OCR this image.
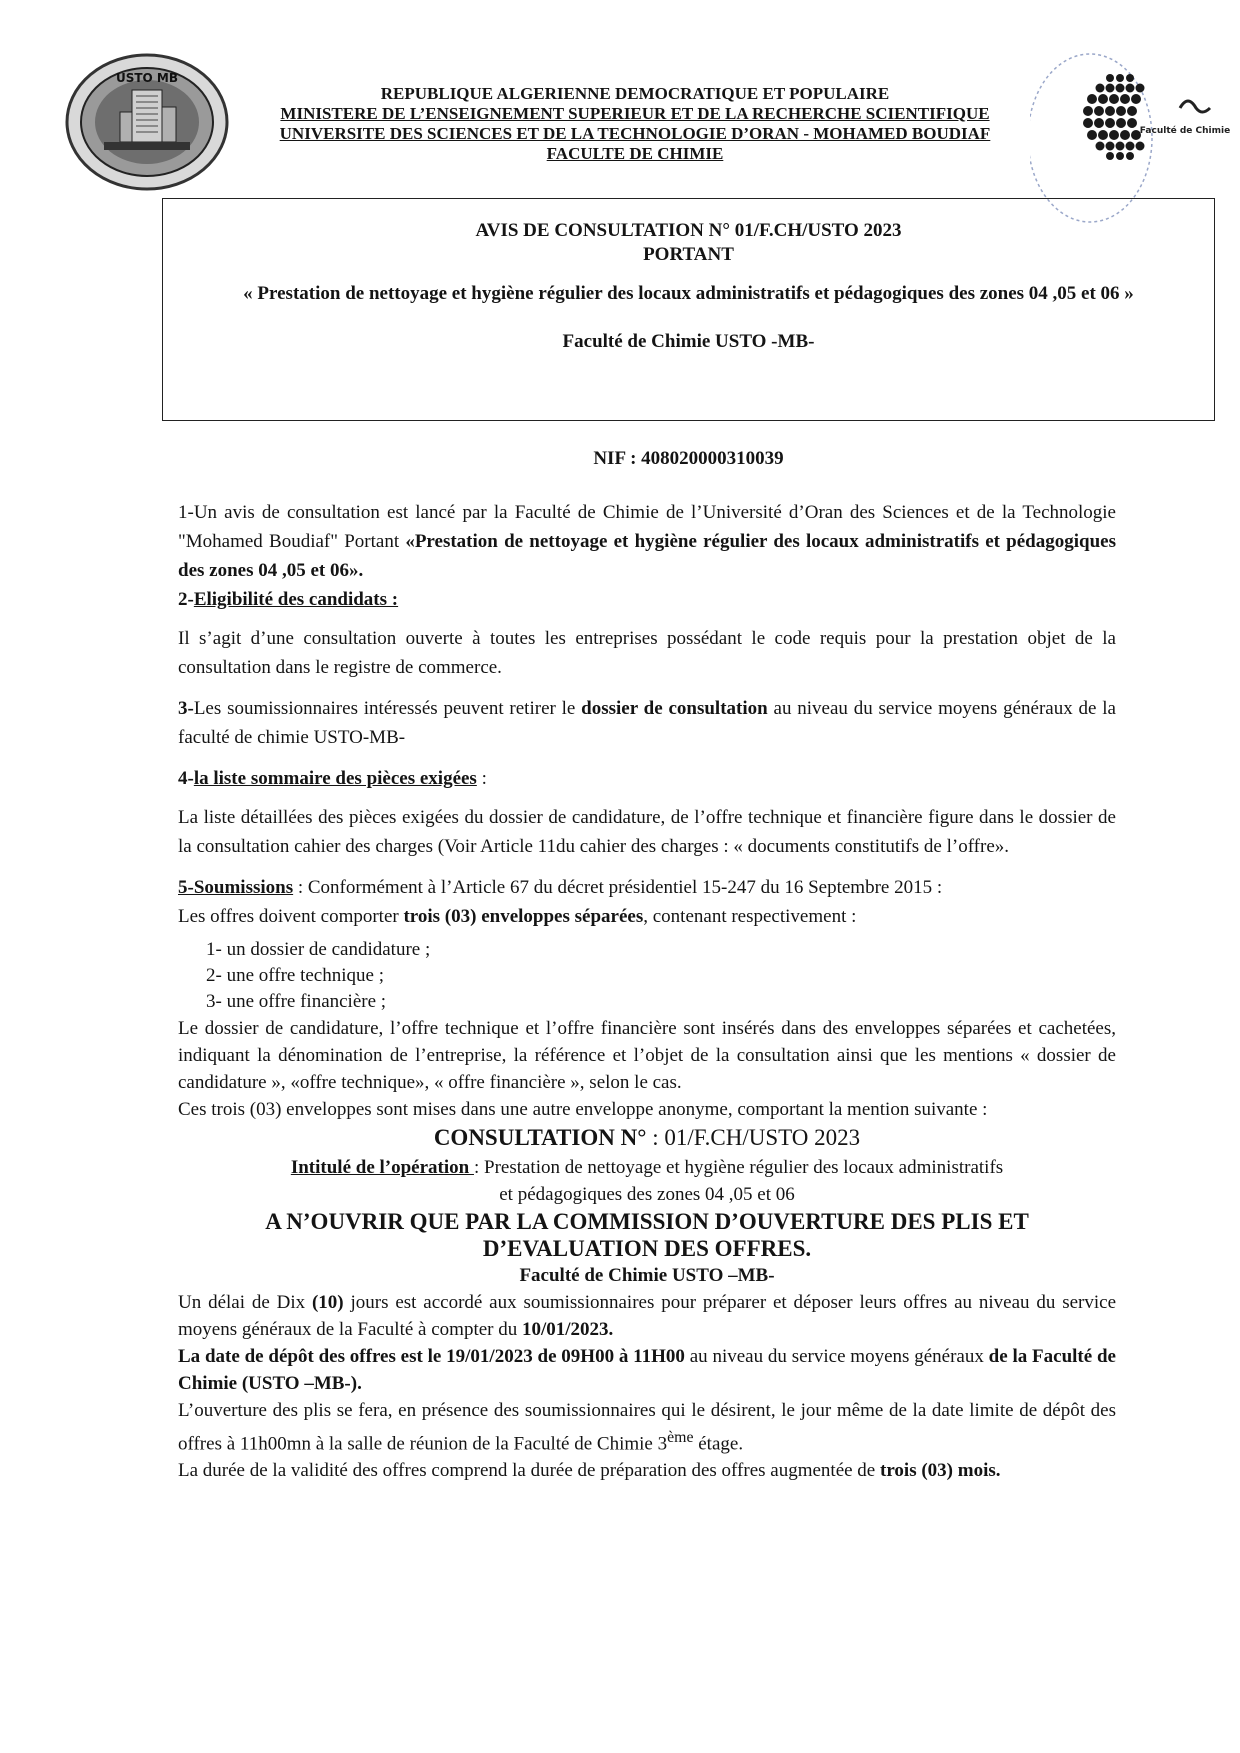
USTO MB
Faculté de Chimie
REPUBLIQUE ALGERIENNE DEMOCRATIQUE ET POPULAIRE
MINISTERE DE L’ENSEIGNEMENT SUPERIEUR ET DE LA RECHERCHE SCIENTIFIQUE
UNIVERSITE DES SCIENCES ET DE LA TECHNOLOGIE D’ORAN - MOHAMED BOUDIAF
FACULTE DE CHIMIE
AVIS DE CONSULTATION N° 01/F.CH/USTO 2023
PORTANT
« Prestation de nettoyage et hygiène régulier des locaux administratifs et pédagogiques des zones 04 ,05 et 06 »
Faculté de Chimie USTO -MB-
NIF : 408020000310039

1-Un avis de consultation est lancé par la Faculté de Chimie de l’Université d’Oran des Sciences et de la Technologie "Mohamed Boudiaf" Portant «Prestation de nettoyage et hygiène régulier des locaux administratifs et pédagogiques des zones 04 ,05 et 06».

2-Eligibilité des candidats :

Il s’agit d’une consultation ouverte à toutes les entreprises possédant le code requis pour la prestation objet de la consultation dans le registre de commerce.

3-Les soumissionnaires intéressés peuvent retirer le dossier de consultation au niveau du service moyens généraux de la faculté de chimie USTO-MB-

4-la liste sommaire des pièces exigées :

La liste détaillées des pièces exigées du dossier de candidature, de l’offre technique et financière figure dans le dossier de la consultation cahier des charges (Voir Article 11du cahier des charges : « documents constitutifs de l’offre».

5-Soumissions : Conformément à l’Article 67 du décret présidentiel 15-247 du 16 Septembre 2015 :

Les offres doivent comporter trois (03) enveloppes séparées, contenant respectivement :

1- un dossier de candidature ;
2- une offre technique ;
3- une offre financière ;

Le dossier de candidature, l’offre technique et l’offre financière sont insérés dans des enveloppes séparées et cachetées, indiquant la dénomination de l’entreprise, la référence et l’objet de la consultation ainsi que les mentions « dossier de candidature », «offre technique», « offre financière », selon le cas.

Ces trois (03) enveloppes sont mises dans une autre enveloppe anonyme, comportant la mention suivante :

CONSULTATION N° : 01/F.CH/USTO 2023

Intitulé de l’opération : Prestation de nettoyage et hygiène régulier des locaux administratifs
et pédagogiques des zones 04 ,05 et 06

A N’OUVRIR QUE PAR LA COMMISSION D’OUVERTURE DES PLIS ET
D’EVALUATION DES OFFRES.

Faculté de Chimie USTO –MB-

Un délai de Dix (10) jours est accordé aux soumissionnaires pour préparer et déposer leurs offres au niveau du service moyens généraux de la Faculté à compter du 10/01/2023.

La date de dépôt des offres est le 19/01/2023 de 09H00 à 11H00 au niveau du service moyens généraux de la Faculté de Chimie (USTO –MB-).

L’ouverture des plis se fera, en présence des soumissionnaires qui le désirent, le jour même de la date limite de dépôt des offres à 11h00mn à la salle de réunion de la Faculté de Chimie 3ème étage.

La durée de la validité des offres comprend la durée de préparation des offres augmentée de trois (03) mois.
